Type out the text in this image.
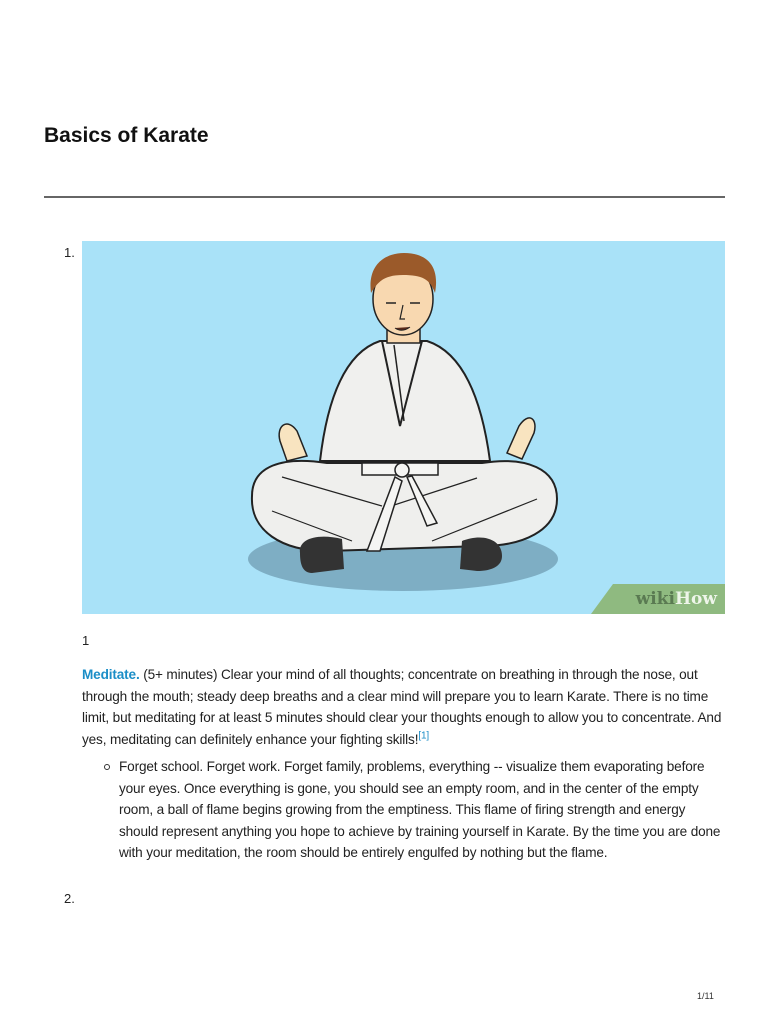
Basics of Karate
1.
wikiHow
1

Meditate. (5+ minutes) Clear your mind of all thoughts; concentrate on breathing in through the nose, out through the mouth; steady deep breaths and a clear mind will prepare you to learn Karate. There is no time limit, but meditating for at least 5 minutes should clear your thoughts enough to allow you to concentrate. And yes, meditating can definitely enhance your fighting skills![1]

Forget school. Forget work. Forget family, problems, everything -- visualize them evaporating before your eyes. Once everything is gone, you should see an empty room, and in the center of the empty room, a ball of flame begins growing from the emptiness. This flame of firing strength and energy should represent anything you hope to achieve by training yourself in Karate. By the time you are done with your meditation, the room should be entirely engulfed by nothing but the flame.
2.
1/11
